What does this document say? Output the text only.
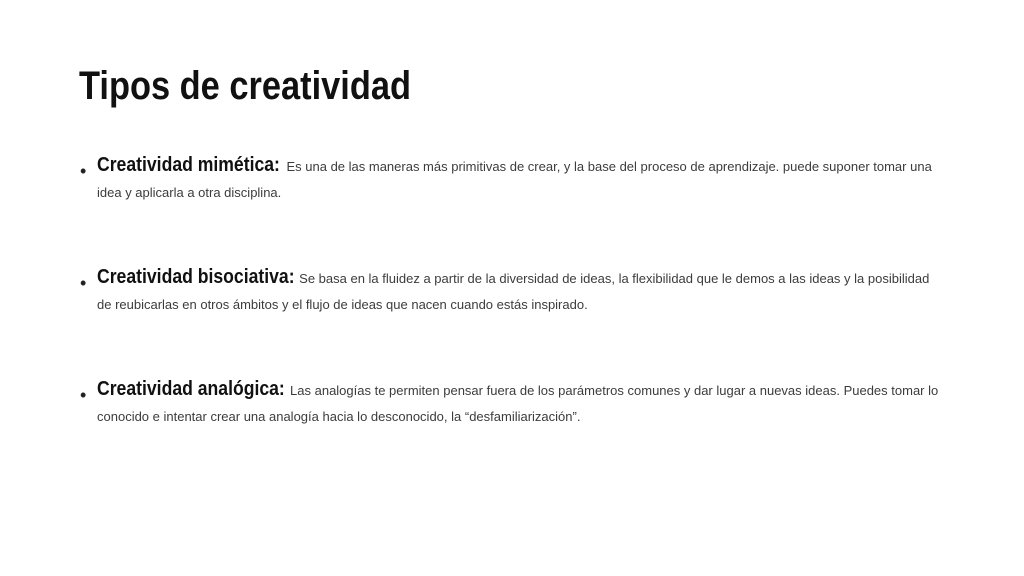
Tipos de creatividad
• Creatividad mimética: Es una de las maneras más primitivas de crear, y la base del proceso de aprendizaje. puede suponer tomar una idea y aplicarla a otra disciplina.
• Creatividad bisociativa: Se basa en la fluidez a partir de la diversidad de ideas, la flexibilidad que le demos a las ideas y la posibilidad de reubicarlas en otros ámbitos y el flujo de ideas que nacen cuando estás inspirado.
• Creatividad analógica: Las analogías te permiten pensar fuera de los parámetros comunes y dar lugar a nuevas ideas. Puedes tomar lo conocido e intentar crear una analogía hacia lo desconocido, la “desfamiliarización”.
